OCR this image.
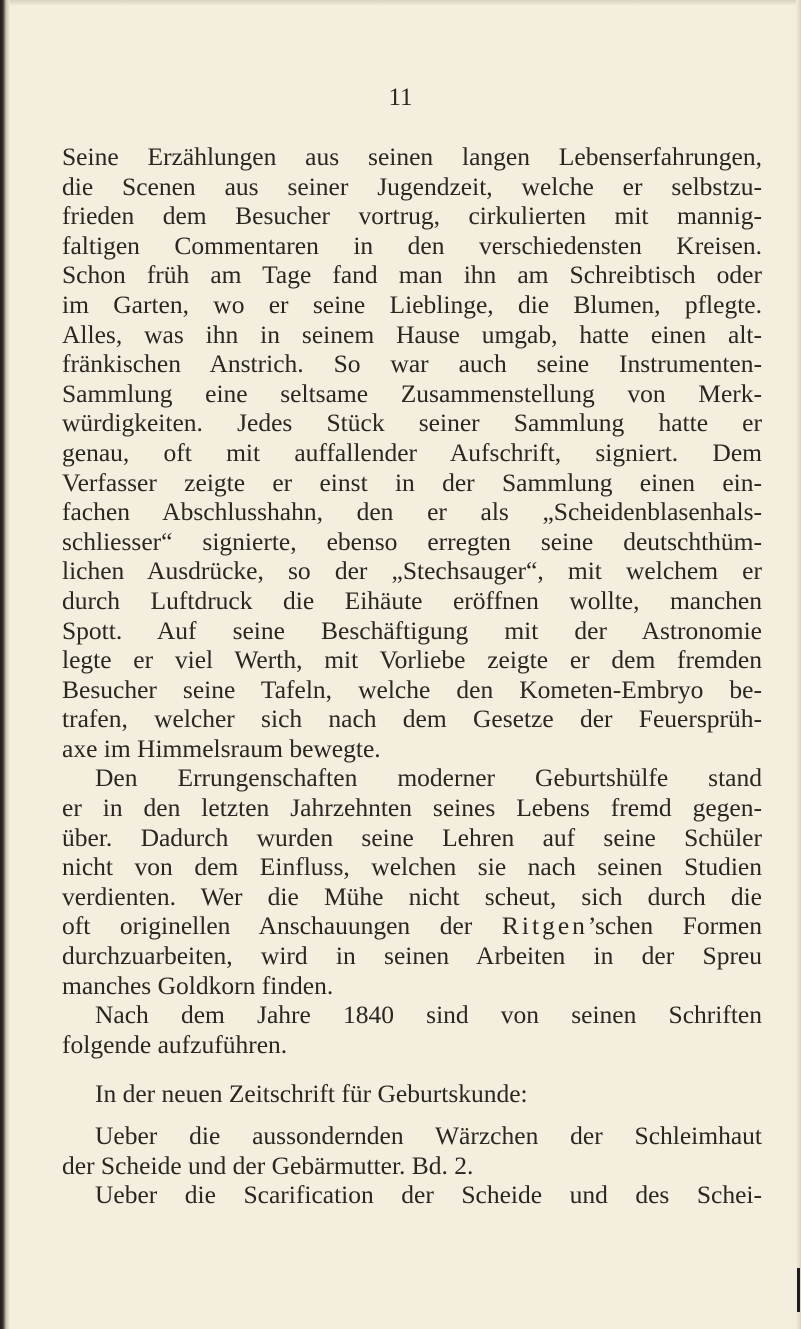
11
Seine Erzählungen aus seinen langen Lebenserfahrungen,
die Scenen aus seiner Jugendzeit, welche er selbstzu-
frieden dem Besucher vortrug, cirkulierten mit mannig-
faltigen Commentaren in den verschiedensten Kreisen.
Schon früh am Tage fand man ihn am Schreibtisch oder
im Garten, wo er seine Lieblinge, die Blumen, pflegte.
Alles, was ihn in seinem Hause umgab, hatte einen alt-
fränkischen Anstrich. So war auch seine Instrumenten-
Sammlung eine seltsame Zusammenstellung von Merk-
würdigkeiten. Jedes Stück seiner Sammlung hatte er
genau, oft mit auffallender Aufschrift, signiert. Dem
Verfasser zeigte er einst in der Sammlung einen ein-
fachen Abschlusshahn, den er als „Scheidenblasenhals-
schliesser“ signierte, ebenso erregten seine deutschthüm-
lichen Ausdrücke, so der „Stechsauger“, mit welchem er
durch Luftdruck die Eihäute eröffnen wollte, manchen
Spott. Auf seine Beschäftigung mit der Astronomie
legte er viel Werth, mit Vorliebe zeigte er dem fremden
Besucher seine Tafeln, welche den Kometen-Embryo be-
trafen, welcher sich nach dem Gesetze der Feuersprüh-
axe im Himmelsraum bewegte.
Den Errungenschaften moderner Geburtshülfe stand
er in den letzten Jahrzehnten seines Lebens fremd gegen-
über. Dadurch wurden seine Lehren auf seine Schüler
nicht von dem Einfluss, welchen sie nach seinen Studien
verdienten. Wer die Mühe nicht scheut, sich durch die
oft originellen Anschauungen der Ritgen’schen Formen
durchzuarbeiten, wird in seinen Arbeiten in der Spreu
manches Goldkorn finden.
Nach dem Jahre 1840 sind von seinen Schriften
folgende aufzuführen.
In der neuen Zeitschrift für Geburtskunde:
Ueber die aussondernden Wärzchen der Schleimhaut
der Scheide und der Gebärmutter. Bd. 2.
Ueber die Scarification der Scheide und des Schei-
